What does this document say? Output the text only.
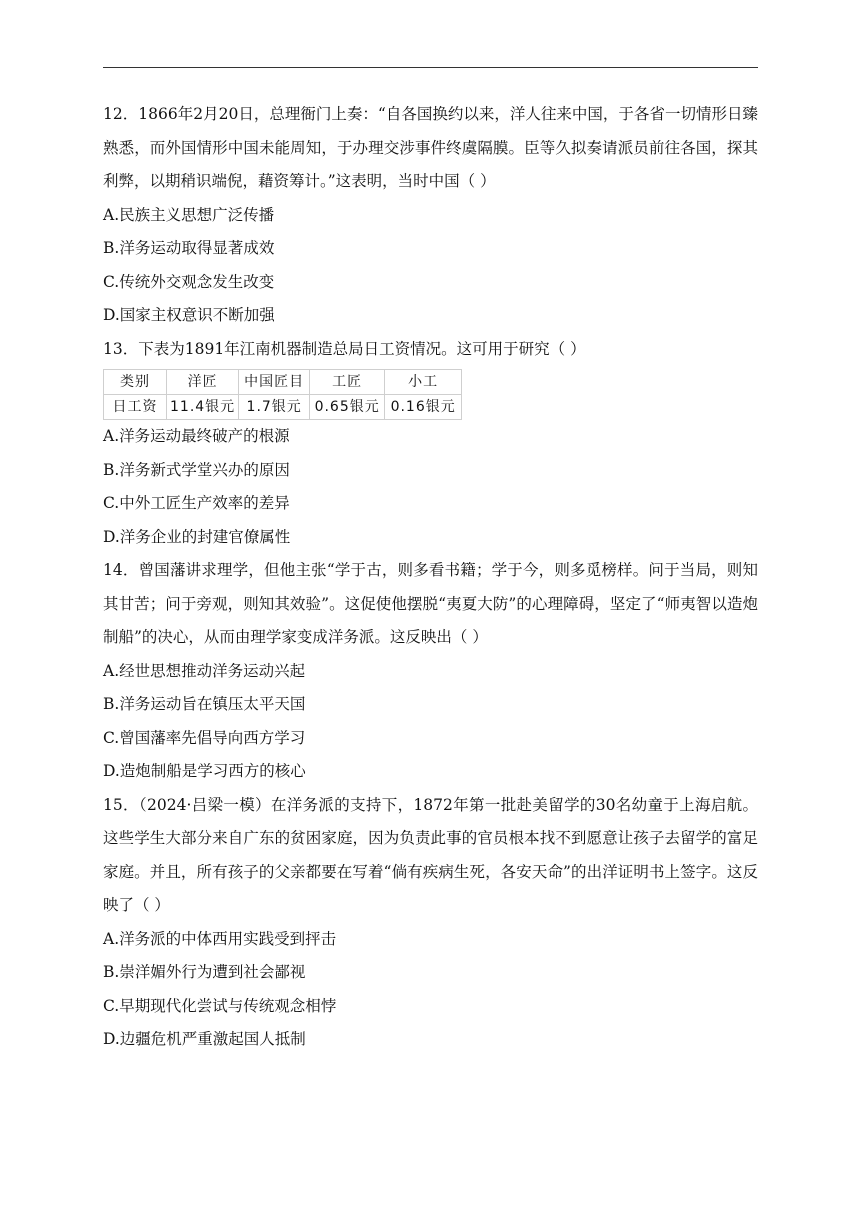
12．1866年2月20日，总理衙门上奏：“自各国换约以来，洋人往来中国，于各省一切情形日臻熟悉，而外国情形中国未能周知，于办理交涉事件终虞隔膜。臣等久拟奏请派员前往各国，探其利弊，以期稍识端倪，藉资筹计。”这表明，当时中国（ ）

A.民族主义思想广泛传播

B.洋务运动取得显著成效

C.传统外交观念发生改变

D.国家主权意识不断加强

13．下表为1891年江南机器制造总局日工资情况。这可用于研究（ ）

类别	洋匠	中国匠目	工匠	小工
日工资	11.4银元	1.7银元	0.65银元	0.16银元

A.洋务运动最终破产的根源

B.洋务新式学堂兴办的原因

C.中外工匠生产效率的差异

D.洋务企业的封建官僚属性

14．曾国藩讲求理学，但他主张“学于古，则多看书籍；学于今，则多觅榜样。问于当局，则知其甘苦；问于旁观，则知其效验”。这促使他摆脱“夷夏大防”的心理障碍，坚定了“师夷智以造炮制船”的决心，从而由理学家变成洋务派。这反映出（ ）

A.经世思想推动洋务运动兴起

B.洋务运动旨在镇压太平天国

C.曾国藩率先倡导向西方学习

D.造炮制船是学习西方的核心

15．（2024·吕梁一模）在洋务派的支持下，1872年第一批赴美留学的30名幼童于上海启航。这些学生大部分来自广东的贫困家庭，因为负责此事的官员根本找不到愿意让孩子去留学的富足家庭。并且，所有孩子的父亲都要在写着“倘有疾病生死，各安天命”的出洋证明书上签字。这反映了（ ）

A.洋务派的中体西用实践受到抨击

B.崇洋媚外行为遭到社会鄙视

C.早期现代化尝试与传统观念相悖

D.边疆危机严重激起国人抵制
